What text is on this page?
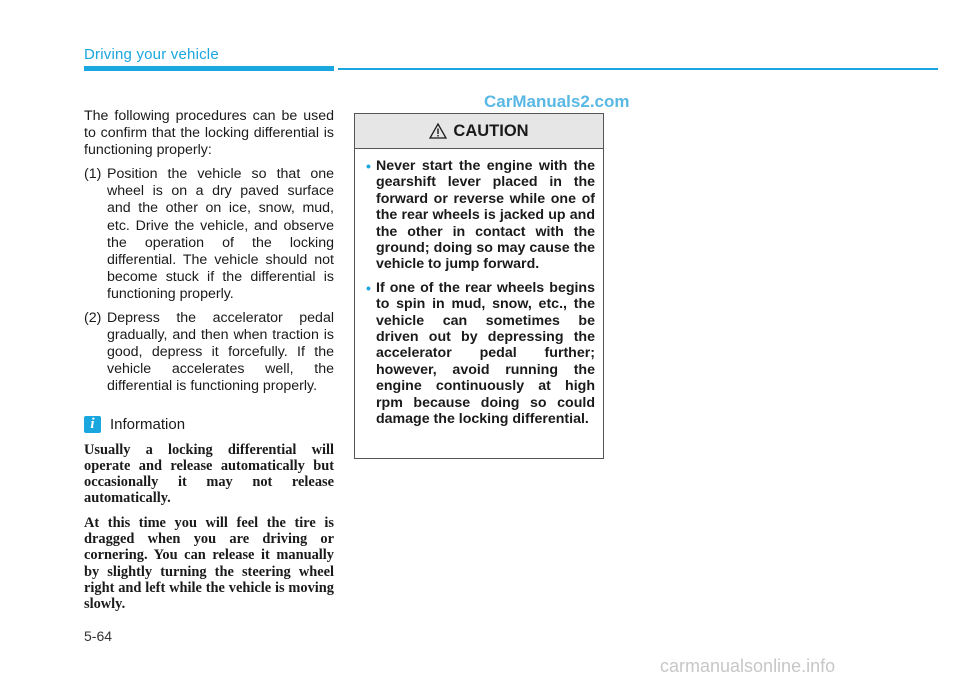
Driving your vehicle
CarManuals2.com

The following procedures can be used to confirm that the locking differential is functioning properly:

(1) Position the vehicle so that one wheel is on a dry paved surface and the other on ice, snow, mud, etc. Drive the vehicle, and observe the operation of the locking differential. The vehicle should not become stuck if the differential is functioning properly.
(2) Depress the accelerator pedal gradually, and then when traction is good, depress it forcefully. If the vehicle accelerates well, the differential is functioning properly.
i	Information

Usually a locking differential will operate and release automatically but occasionally it may not release automatically.

At this time you will feel the tire is dragged when you are driving or cornering. You can release it manually by slightly turning the steering wheel right and left while the vehicle is moving slowly.

CAUTION
• Never start the engine with the gearshift lever placed in the forward or reverse while one of the rear wheels is jacked up and the other in contact with the ground; doing so may cause the vehicle to jump forward.
• If one of the rear wheels begins to spin in mud, snow, etc., the vehicle can sometimes be driven out by depressing the accelerator pedal further; however, avoid running the engine continuously at high rpm because doing so could damage the locking differential.
5-64
carmanualsonline.info
